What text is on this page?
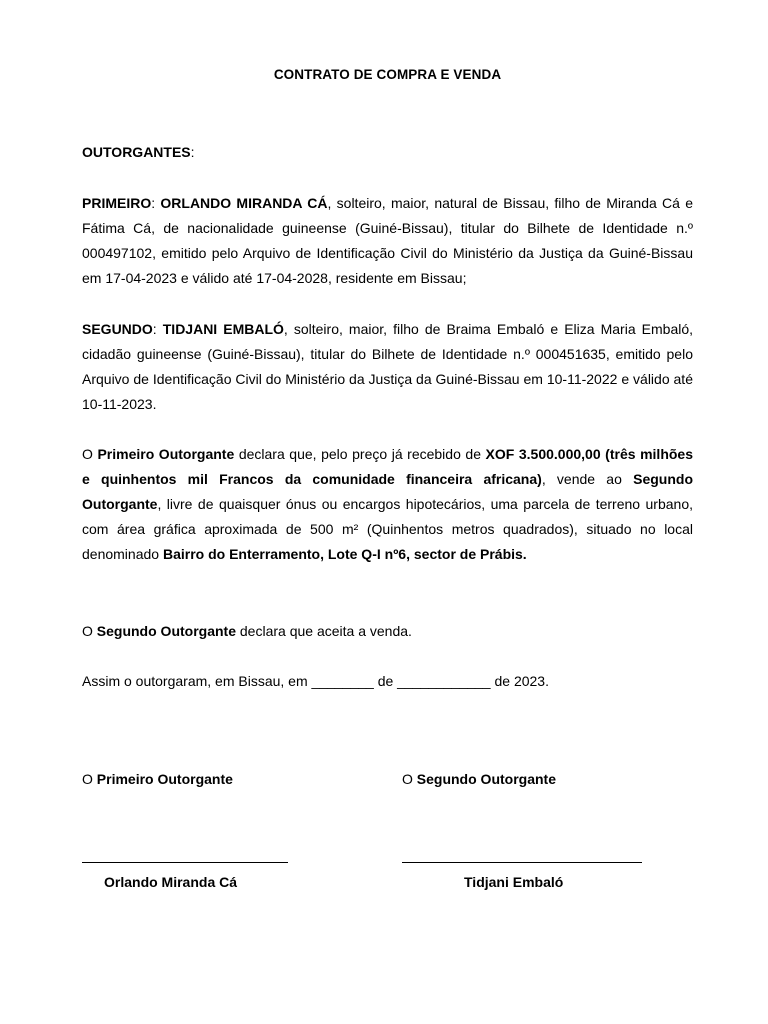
CONTRATO DE COMPRA E VENDA
OUTORGANTES:

PRIMEIRO: ORLANDO MIRANDA CÁ, solteiro, maior, natural de Bissau, filho de Miranda Cá e Fátima Cá, de nacionalidade guineense (Guiné-Bissau), titular do Bilhete de Identidade n.º 000497102, emitido pelo Arquivo de Identificação Civil do Ministério da Justiça da Guiné-Bissau em 17-04-2023 e válido até 17-04-2028, residente em Bissau;

SEGUNDO: TIDJANI EMBALÓ, solteiro, maior, filho de Braima Embaló e Eliza Maria Embaló, cidadão guineense (Guiné-Bissau), titular do Bilhete de Identidade n.º 000451635, emitido pelo Arquivo de Identificação Civil do Ministério da Justiça da Guiné-Bissau em 10-11-2022 e válido até 10-11-2023.

O Primeiro Outorgante declara que, pelo preço já recebido de XOF 3.500.000,00 (três milhões e quinhentos mil Francos da comunidade financeira africana), vende ao Segundo Outorgante, livre de quaisquer ónus ou encargos hipotecários, uma parcela de terreno urbano, com área gráfica aproximada de 500 m² (Quinhentos metros quadrados), situado no local denominado Bairro do Enterramento, Lote Q-I nº6, sector de Prábis.

O Segundo Outorgante declara que aceita a venda.

Assim o outorgaram, em Bissau, em ________ de ____________ de 2023.

O Primeiro Outorgante	O Segundo Outorgante
Orlando Miranda Cá	Tidjani Embaló
